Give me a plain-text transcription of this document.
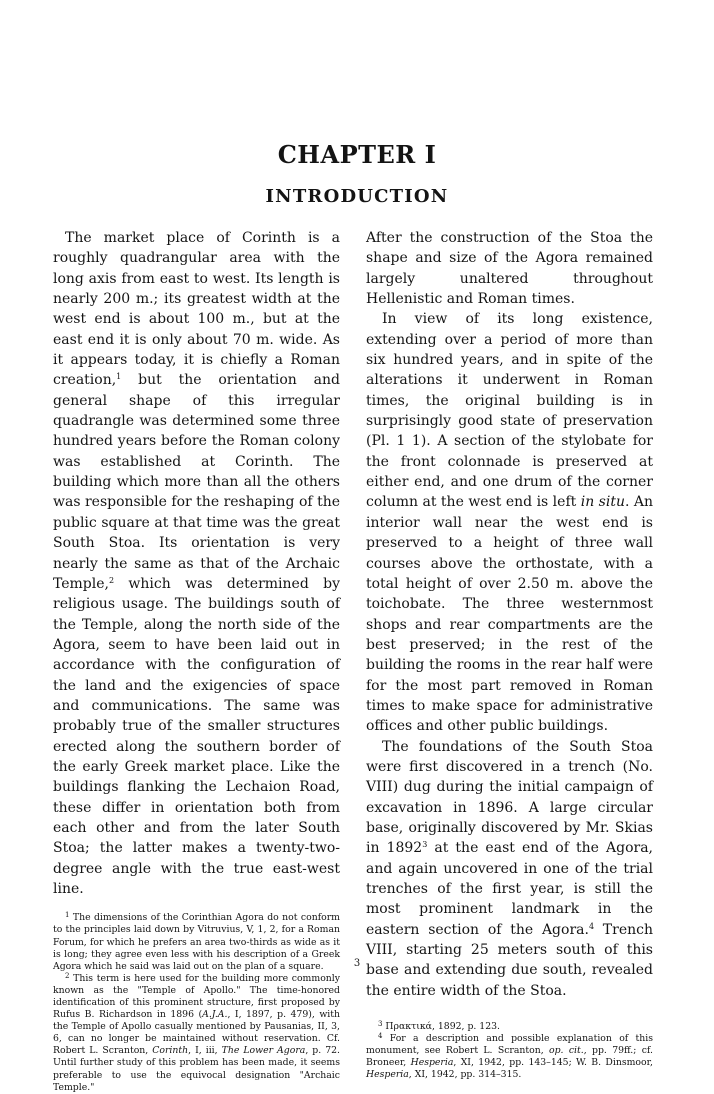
CHAPTER I
INTRODUCTION

The market place of Corinth is a roughly quadrangular area with the long axis from east to west. Its length is nearly 200 m.; its greatest width at the west end is about 100 m., but at the east end it is only about 70 m. wide. As it appears today, it is chiefly a Roman creation,$^1$ but the orientation and general shape of this irregular quadrangle was determined some three hundred years before the Roman colony was established at Corinth. The building which more than all the others was responsible for the reshaping of the public square at that time was the great South Stoa. Its orientation is very nearly the same as that of the Archaic Temple,$^2$ which was determined by religious usage. The buildings south of the Temple, along the north side of the Agora, seem to have been laid out in accordance with the configuration of the land and the exigencies of space and communications. The same was probably true of the smaller structures erected along the southern border of the early Greek market place. Like the buildings flanking the Lechaion Road, these differ in orientation both from each other and from the later South Stoa; the latter makes a twenty-two-degree angle with the true east-west line.

$^1$ The dimensions of the Corinthian Agora do not conform to the principles laid down by Vitruvius, V, 1, 2, for a Roman Forum, for which he prefers an area two-thirds as wide as it is long; they agree even less with his description of a Greek Agora which he said was laid out on the plan of a square.

$^2$ This term is here used for the building more commonly known as the "Temple of Apollo." The time-honored identification of this prominent structure, first proposed by Rufus B. Richardson in 1896 (A.J.A., I, 1897, p. 479), with the Temple of Apollo casually mentioned by Pausanias, II, 3, 6, can no longer be maintained without reservation. Cf. Robert L. Scranton, Corinth, I, iii, The Lower Agora, p. 72. Until further study of this problem has been made, it seems preferable to use the equivocal designation "Archaic Temple."

After the construction of the Stoa the shape and size of the Agora remained largely unaltered throughout Hellenistic and Roman times.

In view of its long existence, extending over a period of more than six hundred years, and in spite of the alterations it underwent in Roman times, the original building is in surprisingly good state of preservation (Pl. 1 1). A section of the stylobate for the front colonnade is preserved at either end, and one drum of the corner column at the west end is left in situ. An interior wall near the west end is preserved to a height of three wall courses above the orthostate, with a total height of over 2.50 m. above the toichobate. The three westernmost shops and rear compartments are the best preserved; in the rest of the building the rooms in the rear half were for the most part removed in Roman times to make space for administrative offices and other public buildings.

The foundations of the South Stoa were first discovered in a trench (No. VIII) dug during the initial campaign of excavation in 1896. A large circular base, originally discovered by Mr. Skias in 1892$^3$ at the east end of the Agora, and again uncovered in one of the trial trenches of the first year, is still the most prominent landmark in the eastern section of the Agora.$^4$ Trench VIII, starting 25 meters south of this base and extending due south, revealed the entire width of the Stoa.

$^3$ Πρακτικά, 1892, p. 123.

$^4$ For a description and possible explanation of this monument, see Robert L. Scranton, op. cit., pp. 79ff.; cf. Broneer, Hesperia, XI, 1942, pp. 143–145; W. B. Dinsmoor, Hesperia, XI, 1942, pp. 314–315.

3
